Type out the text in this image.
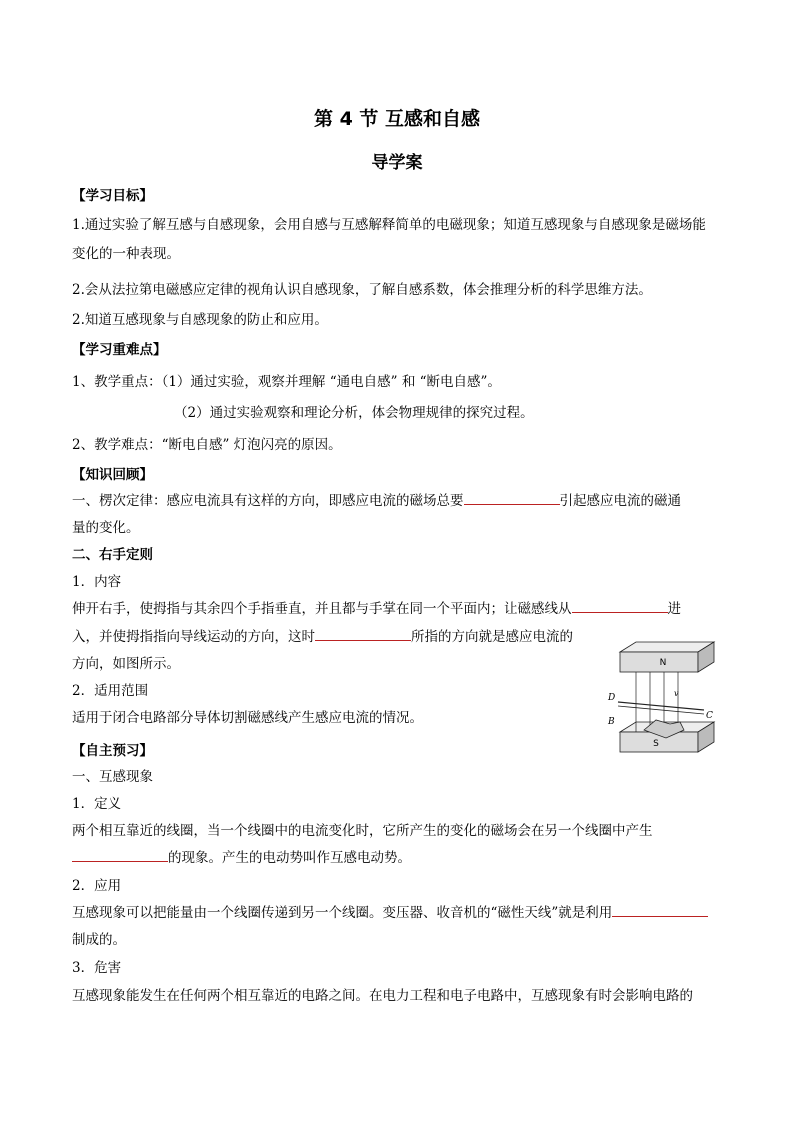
第 4 节 互感和自感
导学案
【学习目标】
1.通过实验了解互感与自感现象，会用自感与互感解释简单的电磁现象；知道互感现象与自感现象是磁场能
变化的一种表现。
2.会从法拉第电磁感应定律的视角认识自感现象，了解自感系数，体会推理分析的科学思维方法。
2.知道互感现象与自感现象的防止和应用。
【学习重难点】
1、教学重点：（1）通过实验，观察并理解 “通电自感” 和 “断电自感”。
（2）通过实验观察和理论分析，体会物理规律的探究过程。
2、教学难点：“断电自感” 灯泡闪亮的原因。
【知识回顾】
一、楞次定律：感应电流具有这样的方向，即感应电流的磁场总要	引起感应电流的磁通
量的变化。
二、右手定则
1．内容
伸开右手，使拇指与其余四个手指垂直，并且都与手掌在同一个平面内；让磁感线从	进
入，并使拇指指向导线运动的方向，这时	所指的方向就是感应电流的
方向，如图所示。
2．适用范围
适用于闭合电路部分导体切割磁感线产生感应电流的情况。
N
S
D
B
C
v
【自主预习】
一、互感现象
1．定义
两个相互靠近的线圈，当一个线圈中的电流变化时，它所产生的变化的磁场会在另一个线圈中产生
的现象。产生的电动势叫作互感电动势。
2．应用
互感现象可以把能量由一个线圈传递到另一个线圈。变压器、收音机的“磁性天线”就是利用
制成的。
3．危害
互感现象能发生在任何两个相互靠近的电路之间。在电力工程和电子电路中，互感现象有时会影响电路的
